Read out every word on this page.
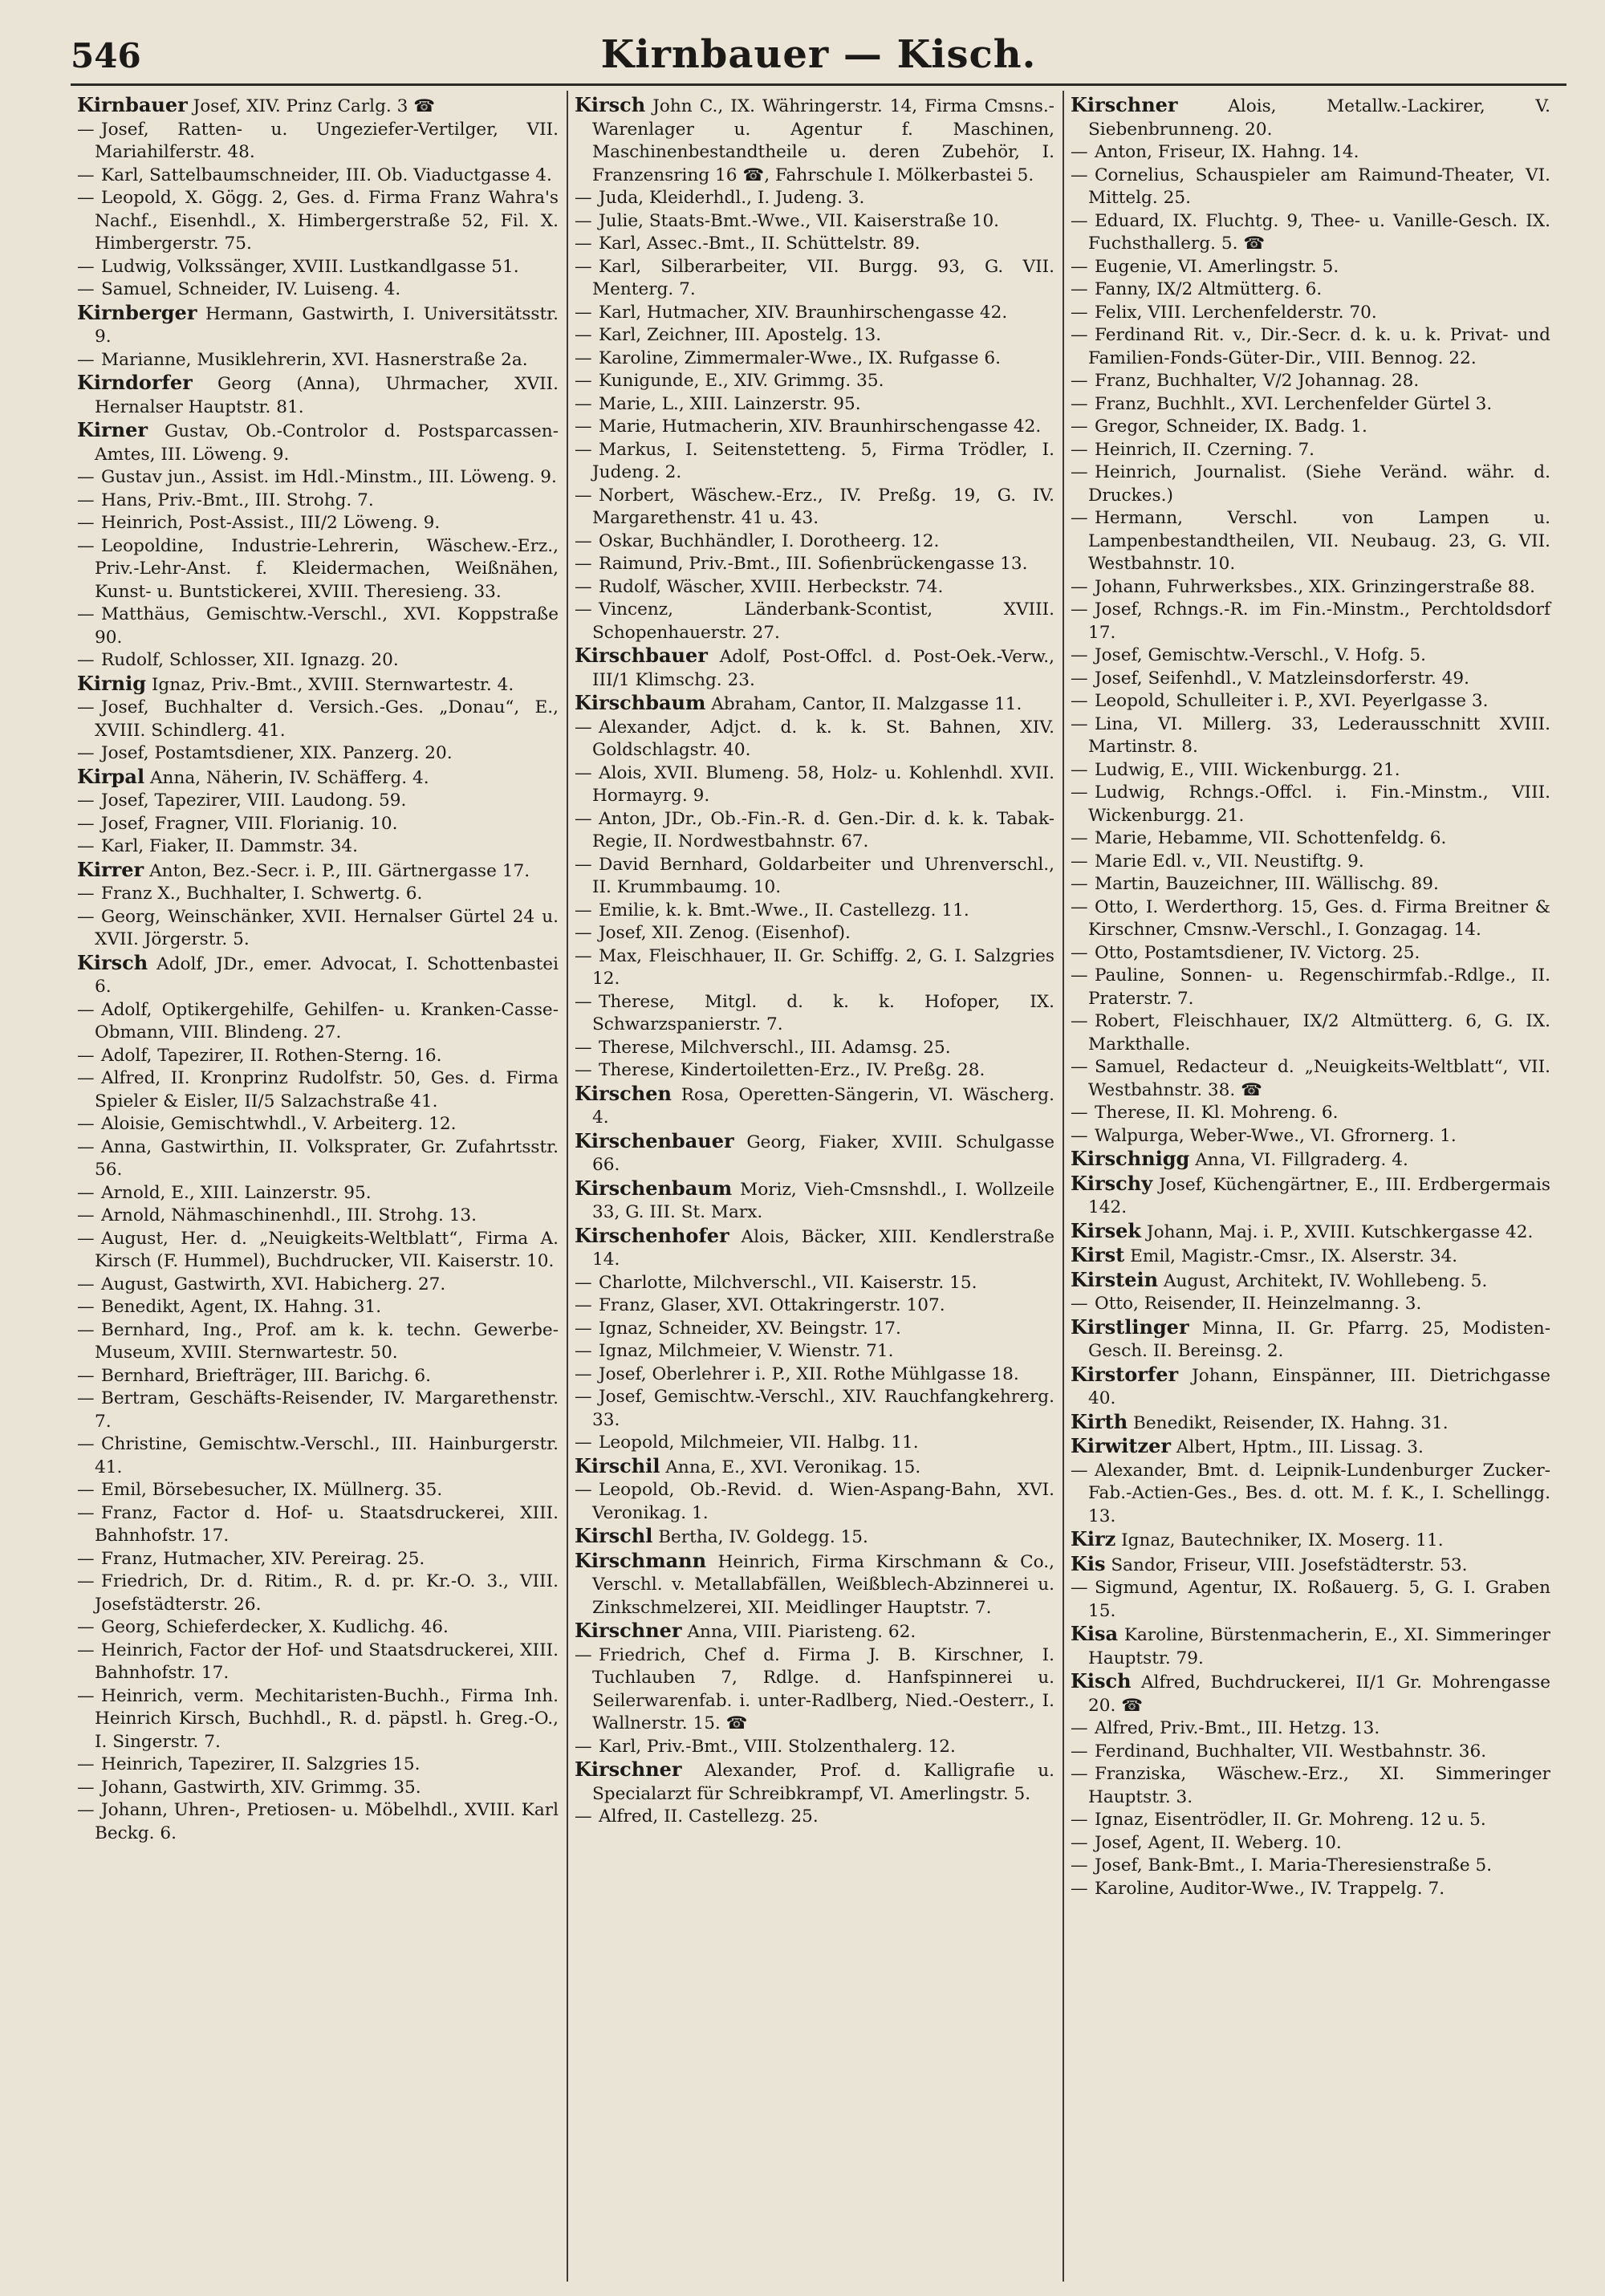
546	Kirnbauer — Kisch.
Kirnbauer Josef, XIV. Prinz Carlg. 3 ☎
— Josef, Ratten- u. Ungeziefer-Vertilger, VII. Mariahilferstr. 48.
— Karl, Sattelbaumschneider, III. Ob. Viaductgasse 4.
— Leopold, X. Gögg. 2, Ges. d. Firma Franz Wahra's Nachf., Eisenhdl., X. Himbergerstraße 52, Fil. X. Himbergerstr. 75.
— Ludwig, Volkssänger, XVIII. Lustkandlgasse 51.
— Samuel, Schneider, IV. Luiseng. 4.
Kirnberger Hermann, Gastwirth, I. Universitätsstr. 9.
— Marianne, Musiklehrerin, XVI. Hasnerstraße 2a.
Kirndorfer Georg (Anna), Uhrmacher, XVII. Hernalser Hauptstr. 81.
Kirner Gustav, Ob.-Controlor d. Postsparcassen-Amtes, III. Löweng. 9.
— Gustav jun., Assist. im Hdl.-Minstm., III. Löweng. 9.
— Hans, Priv.-Bmt., III. Strohg. 7.
— Heinrich, Post-Assist., III/2 Löweng. 9.
— Leopoldine, Industrie-Lehrerin, Wäschew.-Erz., Priv.-Lehr-Anst. f. Kleidermachen, Weißnähen, Kunst- u. Buntstickerei, XVIII. Theresieng. 33.
— Matthäus, Gemischtw.-Verschl., XVI. Koppstraße 90.
— Rudolf, Schlosser, XII. Ignazg. 20.
Kirnig Ignaz, Priv.-Bmt., XVIII. Sternwartestr. 4.
— Josef, Buchhalter d. Versich.-Ges. „Donau“, E., XVIII. Schindlerg. 41.
— Josef, Postamtsdiener, XIX. Panzerg. 20.
Kirpal Anna, Näherin, IV. Schäfferg. 4.
— Josef, Tapezirer, VIII. Laudong. 59.
— Josef, Fragner, VIII. Florianig. 10.
— Karl, Fiaker, II. Dammstr. 34.
Kirrer Anton, Bez.-Secr. i. P., III. Gärtnergasse 17.
— Franz X., Buchhalter, I. Schwertg. 6.
— Georg, Weinschänker, XVII. Hernalser Gürtel 24 u. XVII. Jörgerstr. 5.
Kirsch Adolf, JDr., emer. Advocat, I. Schottenbastei 6.
— Adolf, Optikergehilfe, Gehilfen- u. Kranken-Casse-Obmann, VIII. Blindeng. 27.
— Adolf, Tapezirer, II. Rothen-Sterng. 16.
— Alfred, II. Kronprinz Rudolfstr. 50, Ges. d. Firma Spieler & Eisler, II/5 Salzachstraße 41.
— Aloisie, Gemischtwhdl., V. Arbeiterg. 12.
— Anna, Gastwirthin, II. Volksprater, Gr. Zufahrtsstr. 56.
— Arnold, E., XIII. Lainzerstr. 95.
— Arnold, Nähmaschinenhdl., III. Strohg. 13.
— August, Her. d. „Neuigkeits-Weltblatt“, Firma A. Kirsch (F. Hummel), Buchdrucker, VII. Kaiserstr. 10.
— August, Gastwirth, XVI. Habicherg. 27.
— Benedikt, Agent, IX. Hahng. 31.
— Bernhard, Ing., Prof. am k. k. techn. Gewerbe-Museum, XVIII. Sternwartestr. 50.
— Bernhard, Briefträger, III. Barichg. 6.
— Bertram, Geschäfts-Reisender, IV. Margarethenstr. 7.
— Christine, Gemischtw.-Verschl., III. Hainburgerstr. 41.
— Emil, Börsebesucher, IX. Müllnerg. 35.
— Franz, Factor d. Hof- u. Staatsdruckerei, XIII. Bahnhofstr. 17.
— Franz, Hutmacher, XIV. Pereirag. 25.
— Friedrich, Dr. d. Ritim., R. d. pr. Kr.-O. 3., VIII. Josefstädterstr. 26.
— Georg, Schieferdecker, X. Kudlichg. 46.
— Heinrich, Factor der Hof- und Staatsdruckerei, XIII. Bahnhofstr. 17.
— Heinrich, verm. Mechitaristen-Buchh., Firma Inh. Heinrich Kirsch, Buchhdl., R. d. päpstl. h. Greg.-O., I. Singerstr. 7.
— Heinrich, Tapezirer, II. Salzgries 15.
— Johann, Gastwirth, XIV. Grimmg. 35.
— Johann, Uhren-, Pretiosen- u. Möbelhdl., XVIII. Karl Beckg. 6.
Kirsch John C., IX. Währingerstr. 14, Firma Cmsns.-Warenlager u. Agentur f. Maschinen, Maschinenbestandtheile u. deren Zubehör, I. Franzensring 16 ☎, Fahrschule I. Mölkerbastei 5.
— Juda, Kleiderhdl., I. Judeng. 3.
— Julie, Staats-Bmt.-Wwe., VII. Kaiserstraße 10.
— Karl, Assec.-Bmt., II. Schüttelstr. 89.
— Karl, Silberarbeiter, VII. Burgg. 93, G. VII. Menterg. 7.
— Karl, Hutmacher, XIV. Braunhirschengasse 42.
— Karl, Zeichner, III. Apostelg. 13.
— Karoline, Zimmermaler-Wwe., IX. Rufgasse 6.
— Kunigunde, E., XIV. Grimmg. 35.
— Marie, L., XIII. Lainzerstr. 95.
— Marie, Hutmacherin, XIV. Braunhirschengasse 42.
— Markus, I. Seitenstetteng. 5, Firma Trödler, I. Judeng. 2.
— Norbert, Wäschew.-Erz., IV. Preßg. 19, G. IV. Margarethenstr. 41 u. 43.
— Oskar, Buchhändler, I. Dorotheerg. 12.
— Raimund, Priv.-Bmt., III. Sofienbrückengasse 13.
— Rudolf, Wäscher, XVIII. Herbeckstr. 74.
— Vincenz, Länderbank-Scontist, XVIII. Schopenhauerstr. 27.
Kirschbauer Adolf, Post-Offcl. d. Post-Oek.-Verw., III/1 Klimschg. 23.
Kirschbaum Abraham, Cantor, II. Malzgasse 11.
— Alexander, Adjct. d. k. k. St. Bahnen, XIV. Goldschlagstr. 40.
— Alois, XVII. Blumeng. 58, Holz- u. Kohlenhdl. XVII. Hormayrg. 9.
— Anton, JDr., Ob.-Fin.-R. d. Gen.-Dir. d. k. k. Tabak-Regie, II. Nordwestbahnstr. 67.
— David Bernhard, Goldarbeiter und Uhrenverschl., II. Krummbaumg. 10.
— Emilie, k. k. Bmt.-Wwe., II. Castellezg. 11.
— Josef, XII. Zenog. (Eisenhof).
— Max, Fleischhauer, II. Gr. Schiffg. 2, G. I. Salzgries 12.
— Therese, Mitgl. d. k. k. Hofoper, IX. Schwarzspanierstr. 7.
— Therese, Milchverschl., III. Adamsg. 25.
— Therese, Kindertoiletten-Erz., IV. Preßg. 28.
Kirschen Rosa, Operetten-Sängerin, VI. Wäscherg. 4.
Kirschenbauer Georg, Fiaker, XVIII. Schulgasse 66.
Kirschenbaum Moriz, Vieh-Cmsnshdl., I. Wollzeile 33, G. III. St. Marx.
Kirschenhofer Alois, Bäcker, XIII. Kendlerstraße 14.
— Charlotte, Milchverschl., VII. Kaiserstr. 15.
— Franz, Glaser, XVI. Ottakringerstr. 107.
— Ignaz, Schneider, XV. Beingstr. 17.
— Ignaz, Milchmeier, V. Wienstr. 71.
— Josef, Oberlehrer i. P., XII. Rothe Mühlgasse 18.
— Josef, Gemischtw.-Verschl., XIV. Rauchfangkehrerg. 33.
— Leopold, Milchmeier, VII. Halbg. 11.
Kirschil Anna, E., XVI. Veronikag. 15.
— Leopold, Ob.-Revid. d. Wien-Aspang-Bahn, XVI. Veronikag. 1.
Kirschl Bertha, IV. Goldegg. 15.
Kirschmann Heinrich, Firma Kirschmann & Co., Verschl. v. Metallabfällen, Weißblech-Abzinnerei u. Zinkschmelzerei, XII. Meidlinger Hauptstr. 7.
Kirschner Anna, VIII. Piaristeng. 62.
— Friedrich, Chef d. Firma J. B. Kirschner, I. Tuchlauben 7, Rdlge. d. Hanfspinnerei u. Seilerwarenfab. i. unter-Radlberg, Nied.-Oesterr., I. Wallnerstr. 15. ☎
— Karl, Priv.-Bmt., VIII. Stolzenthalerg. 12.
Kirschner Alexander, Prof. d. Kalligrafie u. Specialarzt für Schreibkrampf, VI. Amerlingstr. 5.
— Alfred, II. Castellezg. 25.
Kirschner	Alois, Metallw.-Lackirer, V. Siebenbrunneng. 20.
— Anton, Friseur, IX. Hahng. 14.
— Cornelius, Schauspieler am Raimund-Theater, VI. Mittelg. 25.
— Eduard, IX. Fluchtg. 9, Thee- u. Vanille-Gesch. IX. Fuchsthallerg. 5. ☎
— Eugenie, VI. Amerlingstr. 5.
— Fanny, IX/2 Altmütterg. 6.
— Felix, VIII. Lerchenfelderstr. 70.
— Ferdinand Rit. v., Dir.-Secr. d. k. u. k. Privat- und Familien-Fonds-Güter-Dir., VIII. Bennog. 22.
— Franz, Buchhalter, V/2 Johannag. 28.
— Franz, Buchhlt., XVI. Lerchenfelder Gürtel 3.
— Gregor, Schneider, IX. Badg. 1.
— Heinrich, II. Czerning. 7.
— Heinrich, Journalist. (Siehe Veränd. währ. d. Druckes.)
— Hermann, Verschl. von Lampen u. Lampenbestandtheilen, VII. Neubaug. 23, G. VII. Westbahnstr. 10.
— Johann, Fuhrwerksbes., XIX. Grinzingerstraße 88.
— Josef, Rchngs.-R. im Fin.-Minstm., Perchtoldsdorf 17.
— Josef, Gemischtw.-Verschl., V. Hofg. 5.
— Josef, Seifenhdl., V. Matzleinsdorferstr. 49.
— Leopold, Schulleiter i. P., XVI. Peyerlgasse 3.
— Lina, VI. Millerg. 33, Lederausschnitt XVIII. Martinstr. 8.
— Ludwig, E., VIII. Wickenburgg. 21.
— Ludwig, Rchngs.-Offcl. i. Fin.-Minstm., VIII. Wickenburgg. 21.
— Marie, Hebamme, VII. Schottenfeldg. 6.
— Marie Edl. v., VII. Neustiftg. 9.
— Martin, Bauzeichner, III. Wällischg. 89.
— Otto, I. Werderthorg. 15, Ges. d. Firma Breitner & Kirschner, Cmsnw.-Verschl., I. Gonzagag. 14.
— Otto, Postamtsdiener, IV. Victorg. 25.
— Pauline, Sonnen- u. Regenschirmfab.-Rdlge., II. Praterstr. 7.
— Robert, Fleischhauer, IX/2 Altmütterg. 6, G. IX. Markthalle.
— Samuel, Redacteur d. „Neuigkeits-Weltblatt“, VII. Westbahnstr. 38. ☎
— Therese, II. Kl. Mohreng. 6.
— Walpurga, Weber-Wwe., VI. Gfrornerg. 1.
Kirschnigg Anna, VI. Fillgraderg. 4.
Kirschy Josef, Küchengärtner, E., III. Erdbergermais 142.
Kirsek Johann, Maj. i. P., XVIII. Kutschkergasse 42.
Kirst Emil, Magistr.-Cmsr., IX. Alserstr. 34.
Kirstein August, Architekt, IV. Wohllebeng. 5.
— Otto, Reisender, II. Heinzelmanng. 3.
Kirstlinger Minna, II. Gr. Pfarrg. 25, Modisten-Gesch. II. Bereinsg. 2.
Kirstorfer Johann, Einspänner, III. Dietrichgasse 40.
Kirth Benedikt, Reisender, IX. Hahng. 31.
Kirwitzer Albert, Hptm., III. Lissag. 3.
— Alexander, Bmt. d. Leipnik-Lundenburger Zucker-Fab.-Actien-Ges., Bes. d. ott. M. f. K., I. Schellingg. 13.
Kirz Ignaz, Bautechniker, IX. Moserg. 11.
Kis Sandor, Friseur, VIII. Josefstädterstr. 53.
— Sigmund, Agentur, IX. Roßauerg. 5, G. I. Graben 15.
Kisa Karoline, Bürstenmacherin, E., XI. Simmeringer Hauptstr. 79.
Kisch Alfred, Buchdruckerei, II/1 Gr. Mohrengasse 20. ☎
— Alfred, Priv.-Bmt., III. Hetzg. 13.
— Ferdinand, Buchhalter, VII. Westbahnstr. 36.
— Franziska, Wäschew.-Erz., XI. Simmeringer Hauptstr. 3.
— Ignaz, Eisentrödler, II. Gr. Mohreng. 12 u. 5.
— Josef, Agent, II. Weberg. 10.
— Josef, Bank-Bmt., I. Maria-Theresienstraße 5.
— Karoline, Auditor-Wwe., IV. Trappelg. 7.
